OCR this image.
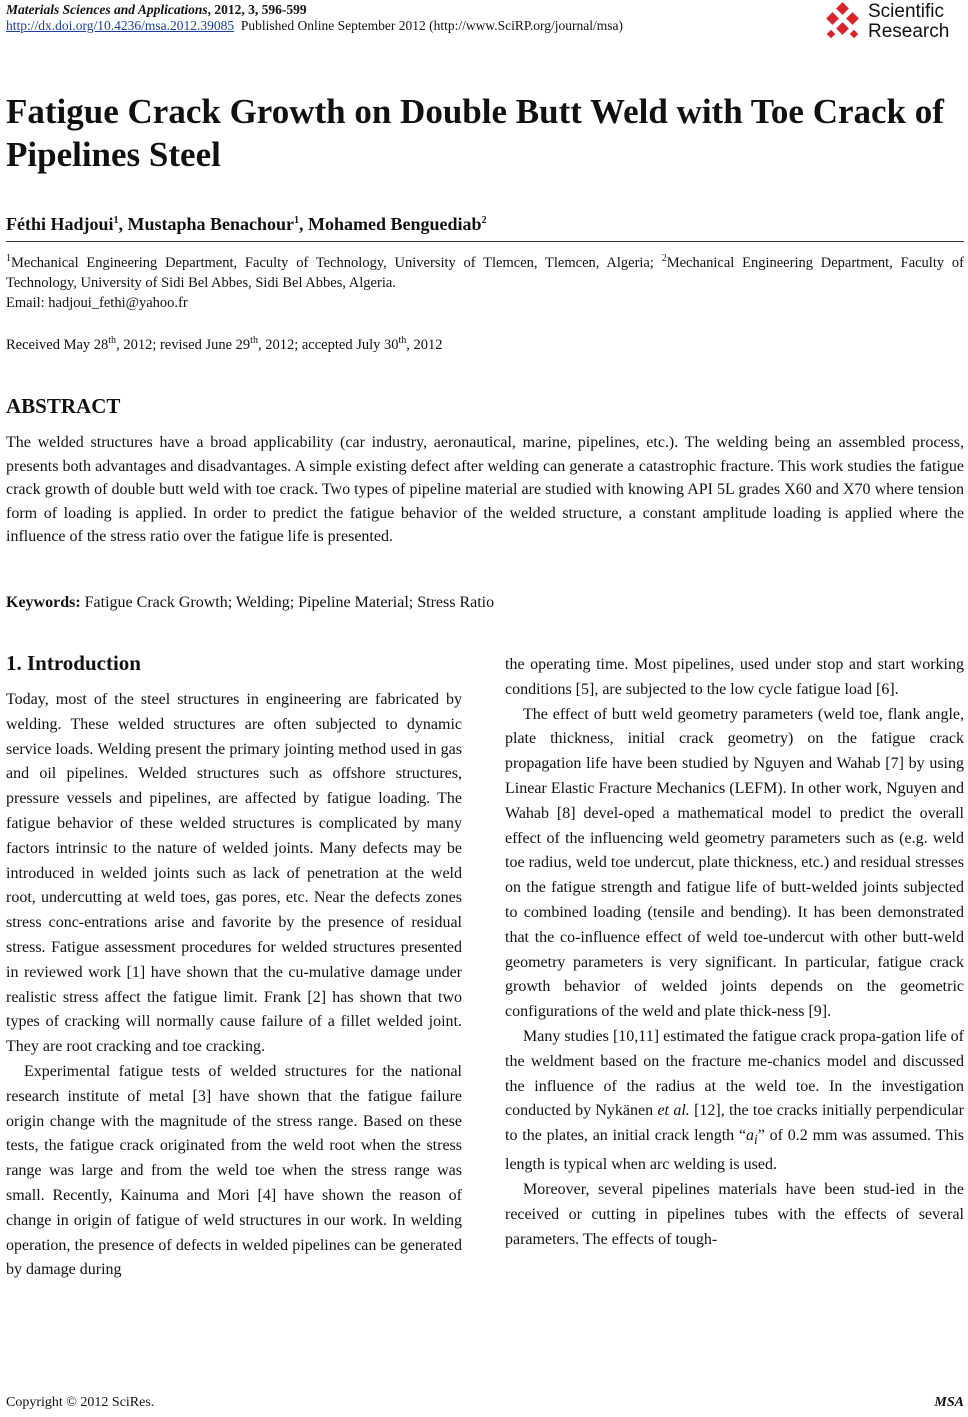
Materials Sciences and Applications, 2012, 3, 596-599
http://dx.doi.org/10.4236/msa.2012.39085 Published Online September 2012 (http://www.SciRP.org/journal/msa)
Scientific
Research
Fatigue Crack Growth on Double Butt Weld with Toe Crack of Pipelines Steel
Féthi Hadjoui$^1$, Mustapha Benachour$^1$, Mohamed Benguediab$^2$
$^1$Mechanical Engineering Department, Faculty of Technology, University of Tlemcen, Tlemcen, Algeria; $^2$Mechanical Engineering Department, Faculty of Technology, University of Sidi Bel Abbes, Sidi Bel Abbes, Algeria.
Email: hadjoui_fethi@yahoo.fr
Received May 28th, 2012; revised June 29th, 2012; accepted July 30th, 2012
ABSTRACT
The welded structures have a broad applicability (car industry, aeronautical, marine, pipelines, etc.). The welding being an assembled process, presents both advantages and disadvantages. A simple existing defect after welding can generate a catastrophic fracture. This work studies the fatigue crack growth of double butt weld with toe crack. Two types of pipeline material are studied with knowing API 5L grades X60 and X70 where tension form of loading is applied. In order to predict the fatigue behavior of the welded structure, a constant amplitude loading is applied where the influence of the stress ratio over the fatigue life is presented.
Keywords: Fatigue Crack Growth; Welding; Pipeline Material; Stress Ratio
1. Introduction

Today, most of the steel structures in engineering are fabricated by welding. These welded structures are often subjected to dynamic service loads. Welding present the primary jointing method used in gas and oil pipelines. Welded structures such as offshore structures, pressure vessels and pipelines, are affected by fatigue loading. The fatigue behavior of these welded structures is complicated by many factors intrinsic to the nature of welded joints. Many defects may be introduced in welded joints such as lack of penetration at the weld root, undercutting at weld toes, gas pores, etc. Near the defects zones stress conc-entrations arise and favorite by the presence of residual stress. Fatigue assessment procedures for welded structures presented in reviewed work [1] have shown that the cu-mulative damage under realistic stress affect the fatigue limit. Frank [2] has shown that two types of cracking will normally cause failure of a fillet welded joint. They are root cracking and toe cracking.

Experimental fatigue tests of welded structures for the national research institute of metal [3] have shown that the fatigue failure origin change with the magnitude of the stress range. Based on these tests, the fatigue crack originated from the weld root when the stress range was large and from the weld toe when the stress range was small. Recently, Kainuma and Mori [4] have shown the reason of change in origin of fatigue of weld structures in our work. In welding operation, the presence of defects in welded pipelines can be generated by damage during

the operating time. Most pipelines, used under stop and start working conditions [5], are subjected to the low cycle fatigue load [6].

The effect of butt weld geometry parameters (weld toe, flank angle, plate thickness, initial crack geometry) on the fatigue crack propagation life have been studied by Nguyen and Wahab [7] by using Linear Elastic Fracture Mechanics (LEFM). In other work, Nguyen and Wahab [8] devel-oped a mathematical model to predict the overall effect of the influencing weld geometry parameters such as (e.g. weld toe radius, weld toe undercut, plate thickness, etc.) and residual stresses on the fatigue strength and fatigue life of butt-welded joints subjected to combined loading (tensile and bending). It has been demonstrated that the co-influence effect of weld toe-undercut with other butt-weld geometry parameters is very significant. In particular, fatigue crack growth behavior of welded joints depends on the geometric configurations of the weld and plate thick-ness [9].

Many studies [10,11] estimated the fatigue crack propa-gation life of the weldment based on the fracture me-chanics model and discussed the influence of the radius at the weld toe. In the investigation conducted by Nykänen et al. [12], the toe cracks initially perpendicular to the plates, an initial crack length “$a_i$” of 0.2 mm was assumed. This length is typical when arc welding is used.

Moreover, several pipelines materials have been stud-ied in the received or cutting in pipelines tubes with the effects of several parameters. The effects of tough-

Copyright © 2012 SciRes.	MSA
